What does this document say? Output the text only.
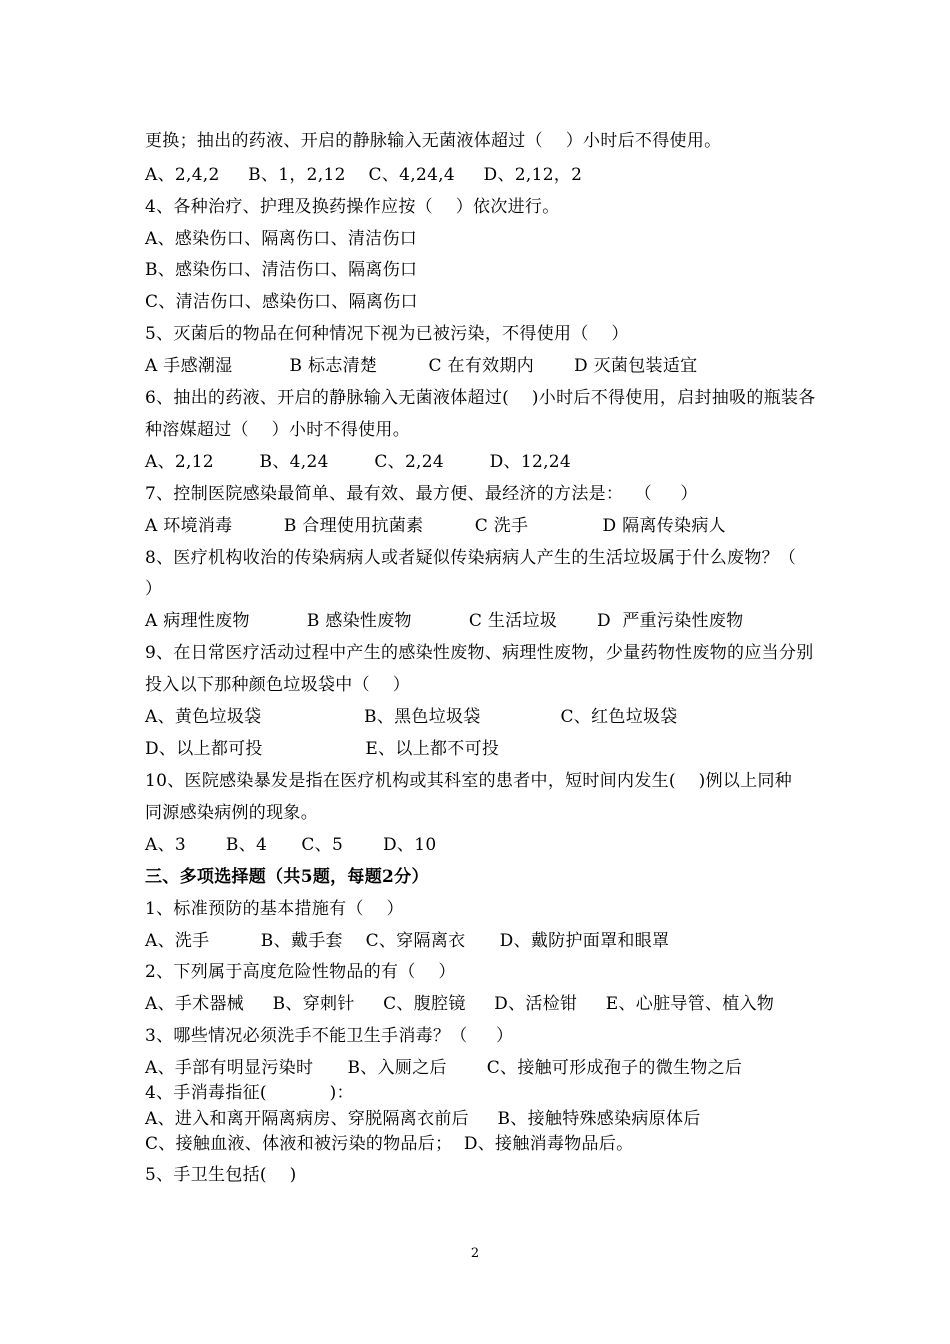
更换；抽出的药液、开启的静脉输入无菌液体超过（    ）小时后不得使用。
A、2,4,2     B、1，2,12    C、4,24,4     D、2,12，2
4、各种治疗、护理及换药操作应按（    ）依次进行。
A、感染伤口、隔离伤口、清洁伤口
B、感染伤口、清洁伤口、隔离伤口
C、清洁伤口、感染伤口、隔离伤口
5、灭菌后的物品在何种情况下视为已被污染，不得使用（    ）
A 手感潮湿          B 标志清楚         C 在有效期内       D 灭菌包装适宜
6、抽出的药液、开启的静脉输入无菌液体超过(    )小时后不得使用，启封抽吸的瓶装各
种溶媒超过（    ）小时不得使用。
A、2,12        B、4,24        C、2,24        D、12,24
7、控制医院感染最简单、最有效、最方便、最经济的方法是：  （     ）
A 环境消毒         B 合理使用抗菌素         C 洗手             D 隔离传染病人
8、医疗机构收治的传染病病人或者疑似传染病病人产生的生活垃圾属于什么废物？（
）
A 病理性废物          B 感染性废物          C 生活垃圾       D  严重污染性废物
9、在日常医疗活动过程中产生的感染性废物、病理性废物，少量药物性废物的应当分别
投入以下那种颜色垃圾袋中（    ）
A、黄色垃圾袋                  B、黑色垃圾袋              C、红色垃圾袋
D、以上都可投                  E、以上都不可投
10、医院感染暴发是指在医疗机构或其科室的患者中，短时间内发生(    )例以上同种
同源感染病例的现象。
A、3       B、4      C、5       D、10
三、多项选择题（共5题，每题2分）
1、标准预防的基本措施有（    ）
A、洗手         B、戴手套    C、穿隔离衣      D、戴防护面罩和眼罩
2、下列属于高度危险性物品的有（    ）
A、手术器械     B、穿刺针     C、腹腔镜     D、活检钳     E、心脏导管、植入物
3、哪些情况必须洗手不能卫生手消毒？（     ）
A、手部有明显污染时      B、入厕之后       C、接触可形成孢子的微生物之后
4、手消毒指征(           )：
A、进入和离开隔离病房、穿脱隔离衣前后     B、接触特殊感染病原体后
C、接触血液、体液和被污染的物品后；  D、接触消毒物品后。
5、手卫生包括(    )
2
